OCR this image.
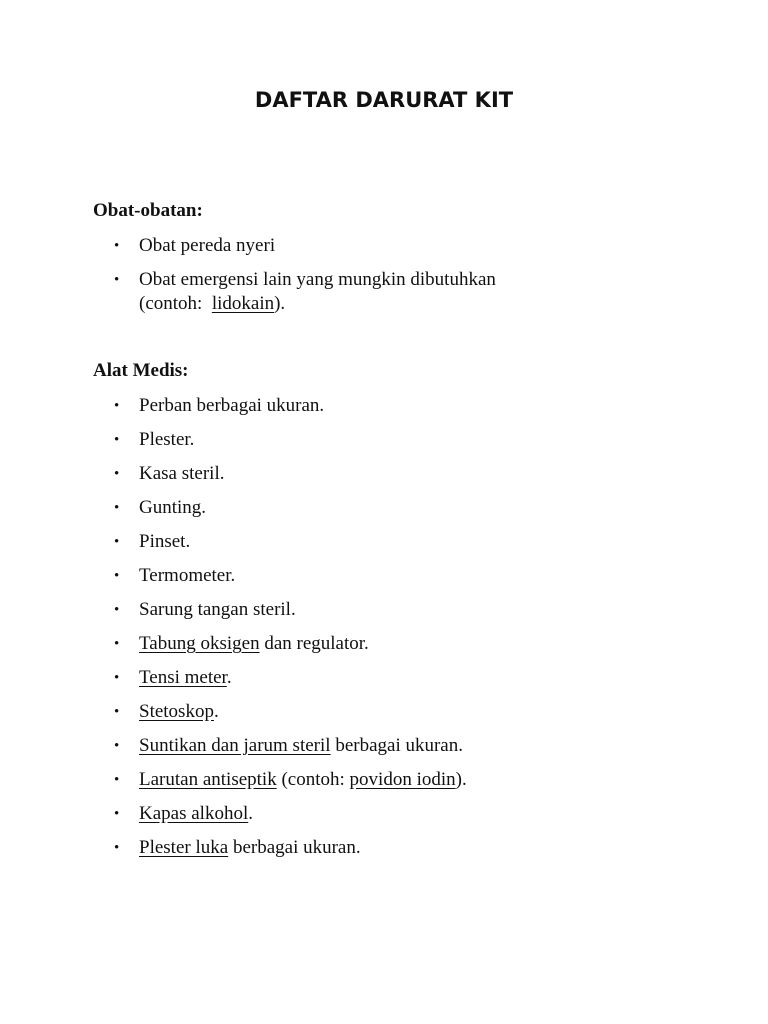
DAFTAR DARURAT KIT
Obat-obatan:
• Obat pereda nyeri
• Obat emergensi lain yang mungkin dibutuhkan
(contoh:  lidokain).
Alat Medis:
• Perban berbagai ukuran.
• Plester.
• Kasa steril.
• Gunting.
• Pinset.
• Termometer.
• Sarung tangan steril.
• Tabung oksigen dan regulator.
• Tensi meter.
• Stetoskop.
• Suntikan dan jarum steril berbagai ukuran.
• Larutan antiseptik (contoh: povidon iodin).
• Kapas alkohol.
• Plester luka berbagai ukuran.
